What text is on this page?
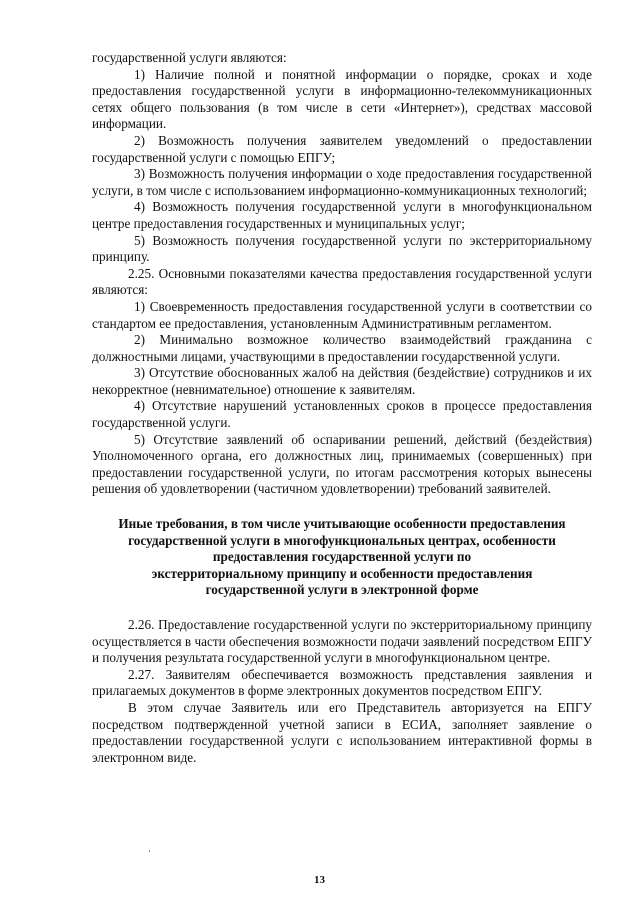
государственной услуги являются:

1) Наличие полной и понятной информации о порядке, сроках и ходе предоставления государственной услуги в информационно-телекоммуникационных сетях общего пользования (в том числе в сети «Интернет»), средствах массовой информации.

2) Возможность получения заявителем уведомлений о предоставлении государственной услуги с помощью ЕПГУ;

3) Возможность получения информации о ходе предоставления государственной услуги, в том числе с использованием информационно-коммуникационных технологий;

4) Возможность получения государственной услуги в многофункциональном центре предоставления государственных и муниципальных услуг;

5) Возможность получения государственной услуги по экстерриториальному принципу.

2.25. Основными показателями качества предоставления государственной услуги являются:

1) Своевременность предоставления государственной услуги в соответствии со стандартом ее предоставления, установленным Административным регламентом.

2) Минимально возможное количество взаимодействий гражданина с должностными лицами, участвующими в предоставлении государственной услуги.

3) Отсутствие обоснованных жалоб на действия (бездействие) сотрудников и их некорректное (невнимательное) отношение к заявителям.

4) Отсутствие нарушений установленных сроков в процессе предоставления государственной услуги.

5) Отсутствие заявлений об оспаривании решений, действий (бездействия) Уполномоченного органа, его должностных лиц, принимаемых (совершенных) при предоставлении государственной услуги, по итогам рассмотрения которых вынесены решения об удовлетворении (частичном удовлетворении) требований заявителей.

Иные требования, в том числе учитывающие особенности предоставления

государственной услуги в многофункциональных центрах, особенности

предоставления государственной услуги по

экстерриториальному принципу и особенности предоставления

государственной услуги в электронной форме

2.26. Предоставление государственной услуги по экстерриториальному принципу осуществляется в части обеспечения возможности подачи заявлений посредством ЕПГУ и получения результата государственной услуги в многофункциональном центре.

2.27. Заявителям обеспечивается возможность представления заявления и прилагаемых документов в форме электронных документов посредством ЕПГУ.

В этом случае Заявитель или его Представитель авторизуется на ЕПГУ посредством подтвержденной учетной записи в ЕСИА, заполняет заявление о предоставлении государственной услуги с использованием интерактивной формы в электронном виде.

13
